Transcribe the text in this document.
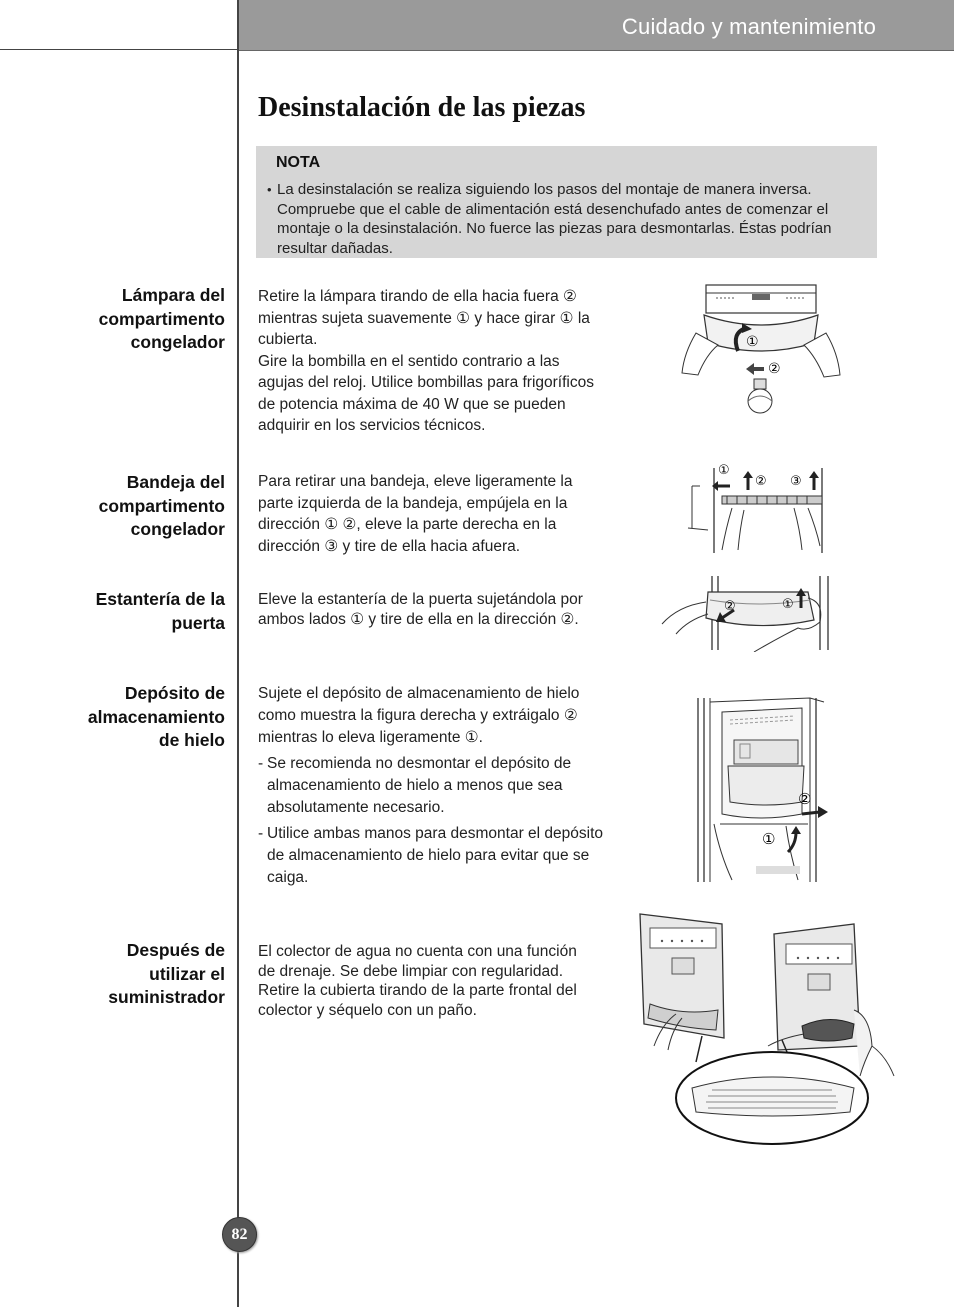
Cuidado y mantenimiento
Desinstalación de las piezas
NOTA
• La desinstalación se realiza siguiendo los pasos del montaje de manera inversa. Compruebe que el cable de alimentación está desenchufado antes de comenzar el montaje o la desinstalación. No fuerce las piezas para desmontarlas. Éstas podrían resultar dañadas.
Lámpara del
compartimento
congelador

Retire la lámpara tirando de ella hacia fuera ② mientras sujeta suavemente ① y hace girar ① la cubierta.

Gire la bombilla en el sentido contrario a las agujas del reloj. Utilice bombillas para frigoríficos de potencia máxima de 40 W que se pueden adquirir en los servicios técnicos.

①
②
Bandeja del
compartimento
congelador

Para retirar una bandeja, eleve ligeramente la parte izquierda de la bandeja, empújela en la dirección ① ②, eleve la parte derecha en la dirección ③ y tire de ella hacia afuera.

①
② ③
Estantería de la
puerta

Eleve la estantería de la puerta sujetándola por ambos lados ① y tire de ella en la dirección ②.

②	①
Depósito de
almacenamiento
de hielo

Sujete el depósito de almacenamiento de hielo como muestra la figura derecha y extráigalo ② mientras lo eleva ligeramente ①.

- Se recomienda no desmontar el depósito de almacenamiento de hielo a menos que sea absolutamente necesario.
- Utilice ambas manos para desmontar el depósito de almacenamiento de hielo para evitar que se caiga.
②
①
Después de
utilizar el
suministrador

El colector de agua no cuenta con una función de drenaje. Se debe limpiar con regularidad. Retire la cubierta tirando de la parte frontal del colector y séquelo con un paño.

82
